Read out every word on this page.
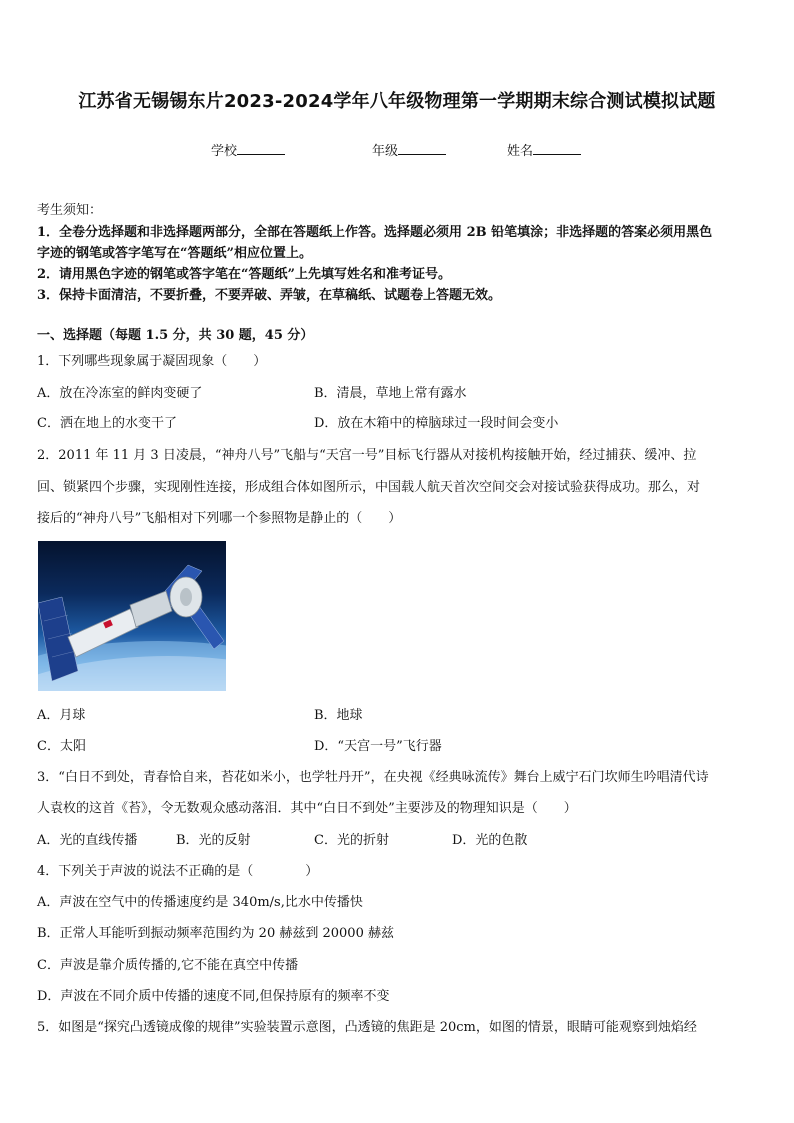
江苏省无锡锡东片2023-2024学年八年级物理第一学期期末综合测试模拟试题
学校	年级	姓名
考生须知：
1．全卷分选择题和非选择题两部分，全部在答题纸上作答。选择题必须用 2B 铅笔填涂；非选择题的答案必须用黑色
字迹的钢笔或答字笔写在“答题纸”相应位置上。
2．请用黑色字迹的钢笔或答字笔在“答题纸”上先填写姓名和准考证号。
3．保持卡面清洁，不要折叠，不要弄破、弄皱，在草稿纸、试题卷上答题无效。
一、选择题（每题 1.5 分，共 30 题，45 分）
1．下列哪些现象属于凝固现象（　　）
A．放在冷冻室的鲜肉变硬了	B．清晨，草地上常有露水
C．洒在地上的水变干了	D．放在木箱中的樟脑球过一段时间会变小
2．2011 年 11 月 3 日凌晨，“神舟八号”飞船与“天宫一号”目标飞行器从对接机构接触开始，经过捕获、缓冲、拉
回、锁紧四个步骤，实现刚性连接，形成组合体如图所示，中国载人航天首次空间交会对接试验获得成功。那么，对
接后的“神舟八号”飞船相对下列哪一个参照物是静止的（　　）
A．月球	B．地球
C．太阳	D．“天宫一号”飞行器
3．“白日不到处，青春恰自来，苔花如米小，也学牡丹开”，在央视《经典咏流传》舞台上威宁石门坎师生吟唱清代诗
人袁枚的这首《苔》，令无数观众感动落泪．其中“白日不到处”主要涉及的物理知识是（　　）
A．光的直线传播	B．光的反射	C．光的折射	D．光的色散
4．下列关于声波的说法不正确的是（　　　　）
A．声波在空气中的传播速度约是 340m/s,比水中传播快
B．正常人耳能听到振动频率范围约为 20 赫兹到 20000 赫兹
C．声波是靠介质传播的,它不能在真空中传播
D．声波在不同介质中传播的速度不同,但保持原有的频率不变
5．如图是“探究凸透镜成像的规律”实验装置示意图，凸透镜的焦距是 20cm，如图的情景，眼睛可能观察到烛焰经
